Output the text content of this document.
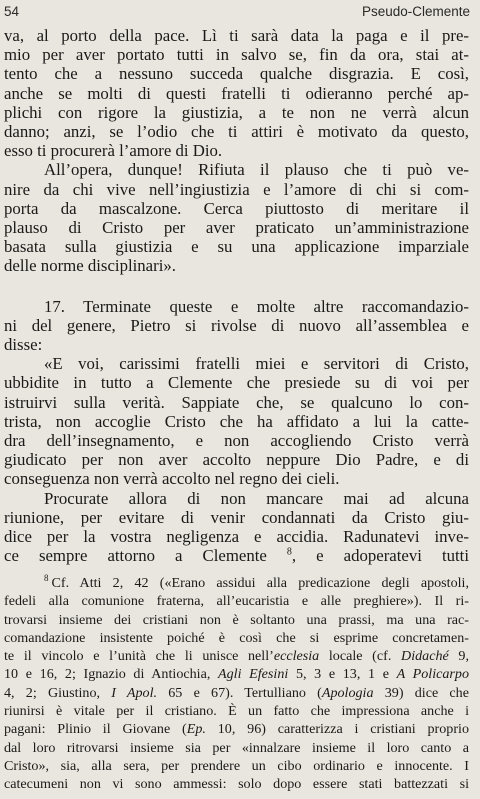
54	Pseudo-Clemente

va, al porto della pace. Lì ti sarà data la paga e il pre-
mio per aver portato tutti in salvo se, fin da ora, stai at-
tento che a nessuno succeda qualche disgrazia. E così,
anche se molti di questi fratelli ti odieranno perché ap-
plichi con rigore la giustizia, a te non ne verrà alcun
danno; anzi, se l’odio che ti attiri è motivato da questo,
esso ti procurerà l’amore di Dio.

All’opera, dunque! Rifiuta il plauso che ti può ve-
nire da chi vive nell’ingiustizia e l’amore di chi si com-
porta da mascalzone. Cerca piuttosto di meritare il
plauso di Cristo per aver praticato un’amministrazione
basata sulla giustizia e su una applicazione imparziale
delle norme disciplinari».

17. Terminate queste e molte altre raccomandazio-
ni del genere, Pietro si rivolse di nuovo all’assemblea e
disse:

«E voi, carissimi fratelli miei e servitori di Cristo,
ubbidite in tutto a Clemente che presiede su di voi per
istruirvi sulla verità. Sappiate che, se qualcuno lo con-
trista, non accoglie Cristo che ha affidato a lui la catte-
dra dell’insegnamento, e non accogliendo Cristo verrà
giudicato per non aver accolto neppure Dio Padre, e di
conseguenza non verrà accolto nel regno dei cieli.

Procurate allora di non mancare mai ad alcuna
riunione, per evitare di venir condannati da Cristo giu-
dice per la vostra negligenza e accidia. Radunatevi inve-
ce sempre attorno a Clemente $^8$, e adoperatevi tutti

$^8$ Cf. Atti 2, 42 («Erano assidui alla predicazione degli apostoli,
fedeli alla comunione fraterna, all’eucaristia e alle preghiere»). Il ri-
trovarsi insieme dei cristiani non è soltanto una prassi, ma una rac-
comandazione insistente poiché è così che si esprime concretamen-
te il vincolo e l’unità che li unisce nell’ecclesia locale (cf. Didaché 9,
10 e 16, 2; Ignazio di Antiochia, Agli Efesini 5, 3 e 13, 1 e A Policarpo
4, 2; Giustino, I Apol. 65 e 67). Tertulliano (Apologia 39) dice che
riunirsi è vitale per il cristiano. È un fatto che impressiona anche i
pagani: Plinio il Giovane (Ep. 10, 96) caratterizza i cristiani proprio
dal loro ritrovarsi insieme sia per «innalzare insieme il loro canto a
Cristo», sia, alla sera, per prendere un cibo ordinario e innocente. I
catecumeni non vi sono ammessi: solo dopo essere stati battezzati si
